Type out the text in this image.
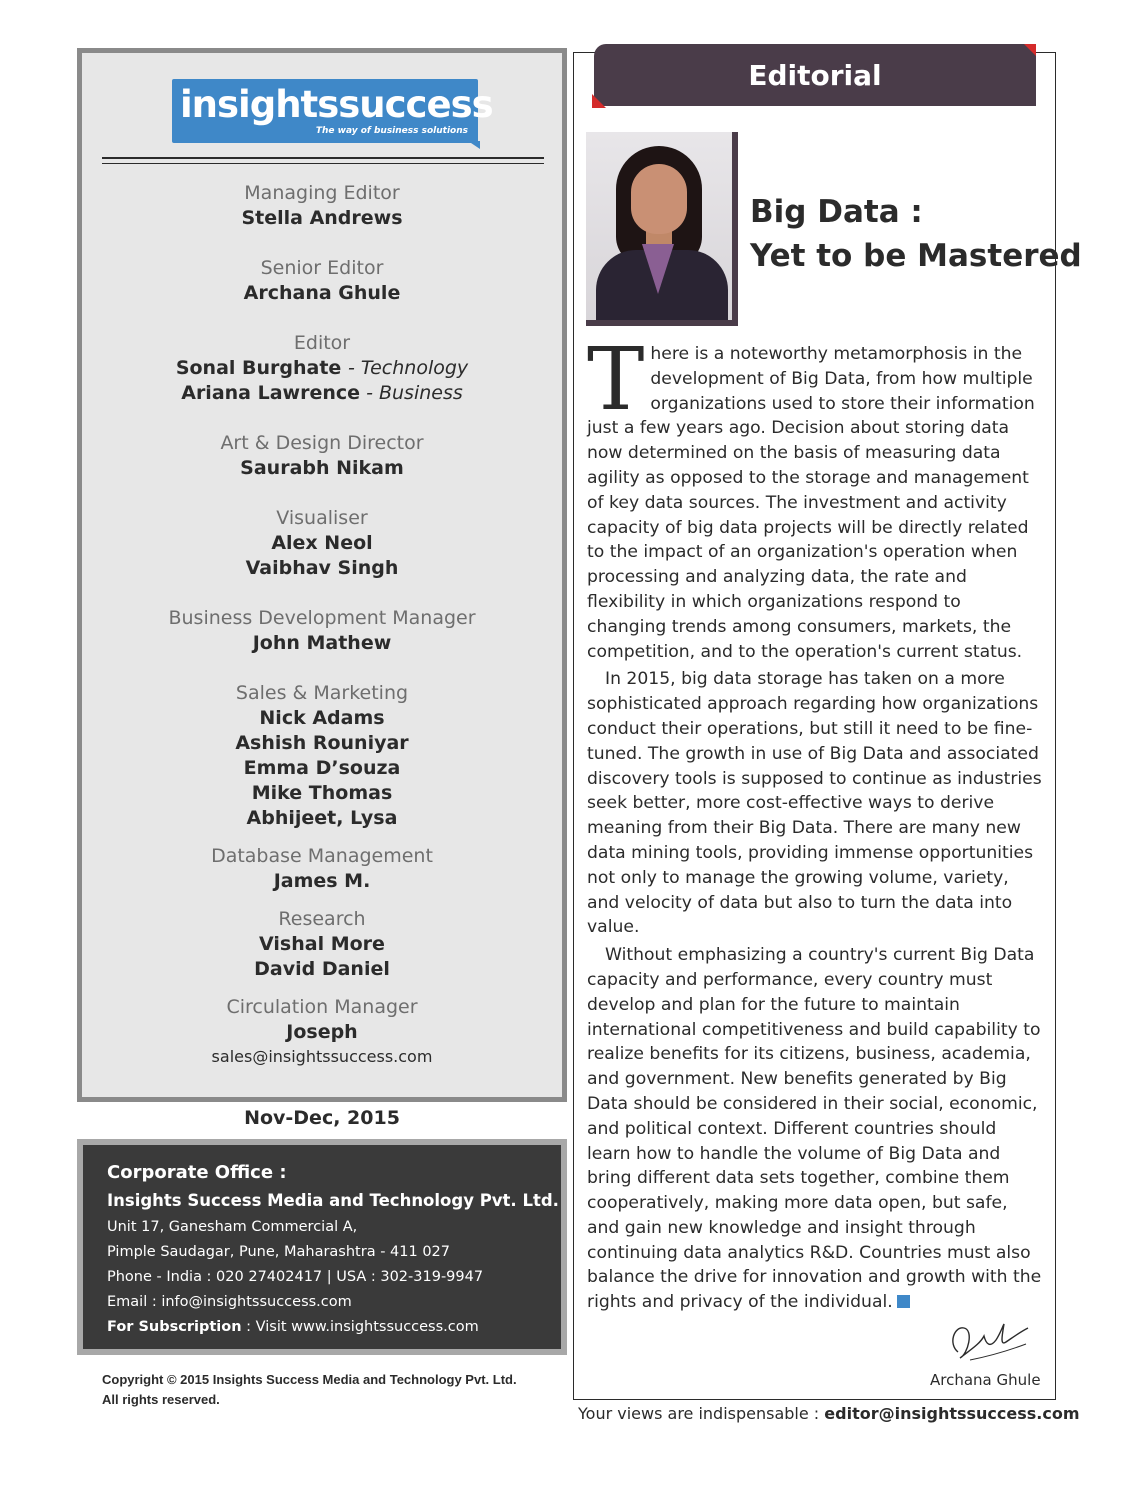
insightssuccess
The way of business solutions
Managing Editor
Stella Andrews
Senior Editor
Archana Ghule
Editor
Sonal Burghate - Technology
Ariana Lawrence - Business
Art & Design Director
Saurabh Nikam
Visualiser
Alex Neol
Vaibhav Singh
Business Development Manager
John Mathew
Sales & Marketing
Nick Adams
Ashish Rouniyar
Emma D’souza
Mike Thomas
Abhijeet, Lysa
Database Management
James M.
Research
Vishal More
David Daniel
Circulation Manager
Joseph
sales@insightssuccess.com
Nov-Dec, 2015
Corporate Office :
Insights Success Media and Technology Pvt. Ltd.
Unit 17, Ganesham Commercial A,
Pimple Saudagar, Pune, Maharashtra - 411 027
Phone - India : 020 27402417 | USA : 302-319-9947
Email : info@insightssuccess.com
For Subscription : Visit www.insightssuccess.com
Copyright © 2015 Insights Success Media and Technology Pvt. Ltd.
All rights reserved.
Editorial
Big Data :
Yet to be Mastered

There is a noteworthy metamorphosis in the development of Big Data, from how multiple organizations used to store their information just a few years ago. Decision about storing data now determined on the basis of measuring data agility as opposed to the storage and management of key data sources. The investment and activity capacity of big data projects will be directly related to the impact of an organization's operation when processing and analyzing data, the rate and flexibility in which organizations respond to changing trends among consumers, markets, the competition, and to the operation's current status.

In 2015, big data storage has taken on a more sophisticated approach regarding how organizations conduct their operations, but still it need to be fine-tuned. The growth in use of Big Data and associated discovery tools is supposed to continue as industries seek better, more cost-effective ways to derive meaning from their Big Data. There are many new data mining tools, providing immense opportunities not only to manage the growing volume, variety, and velocity of data but also to turn the data into value.

Without emphasizing a country's current Big Data capacity and performance, every country must develop and plan for the future to maintain international competitiveness and build capability to realize benefits for its citizens, business, academia, and government. New benefits generated by Big Data should be considered in their social, economic, and political context. Different countries should learn how to handle the volume of Big Data and bring different data sets together, combine them cooperatively, making more data open, but safe, and gain new knowledge and insight through continuing data analytics R&D. Countries must also balance the drive for innovation and growth with the rights and privacy of the individual.

Archana Ghule
Your views are indispensable : editor@insightssuccess.com
